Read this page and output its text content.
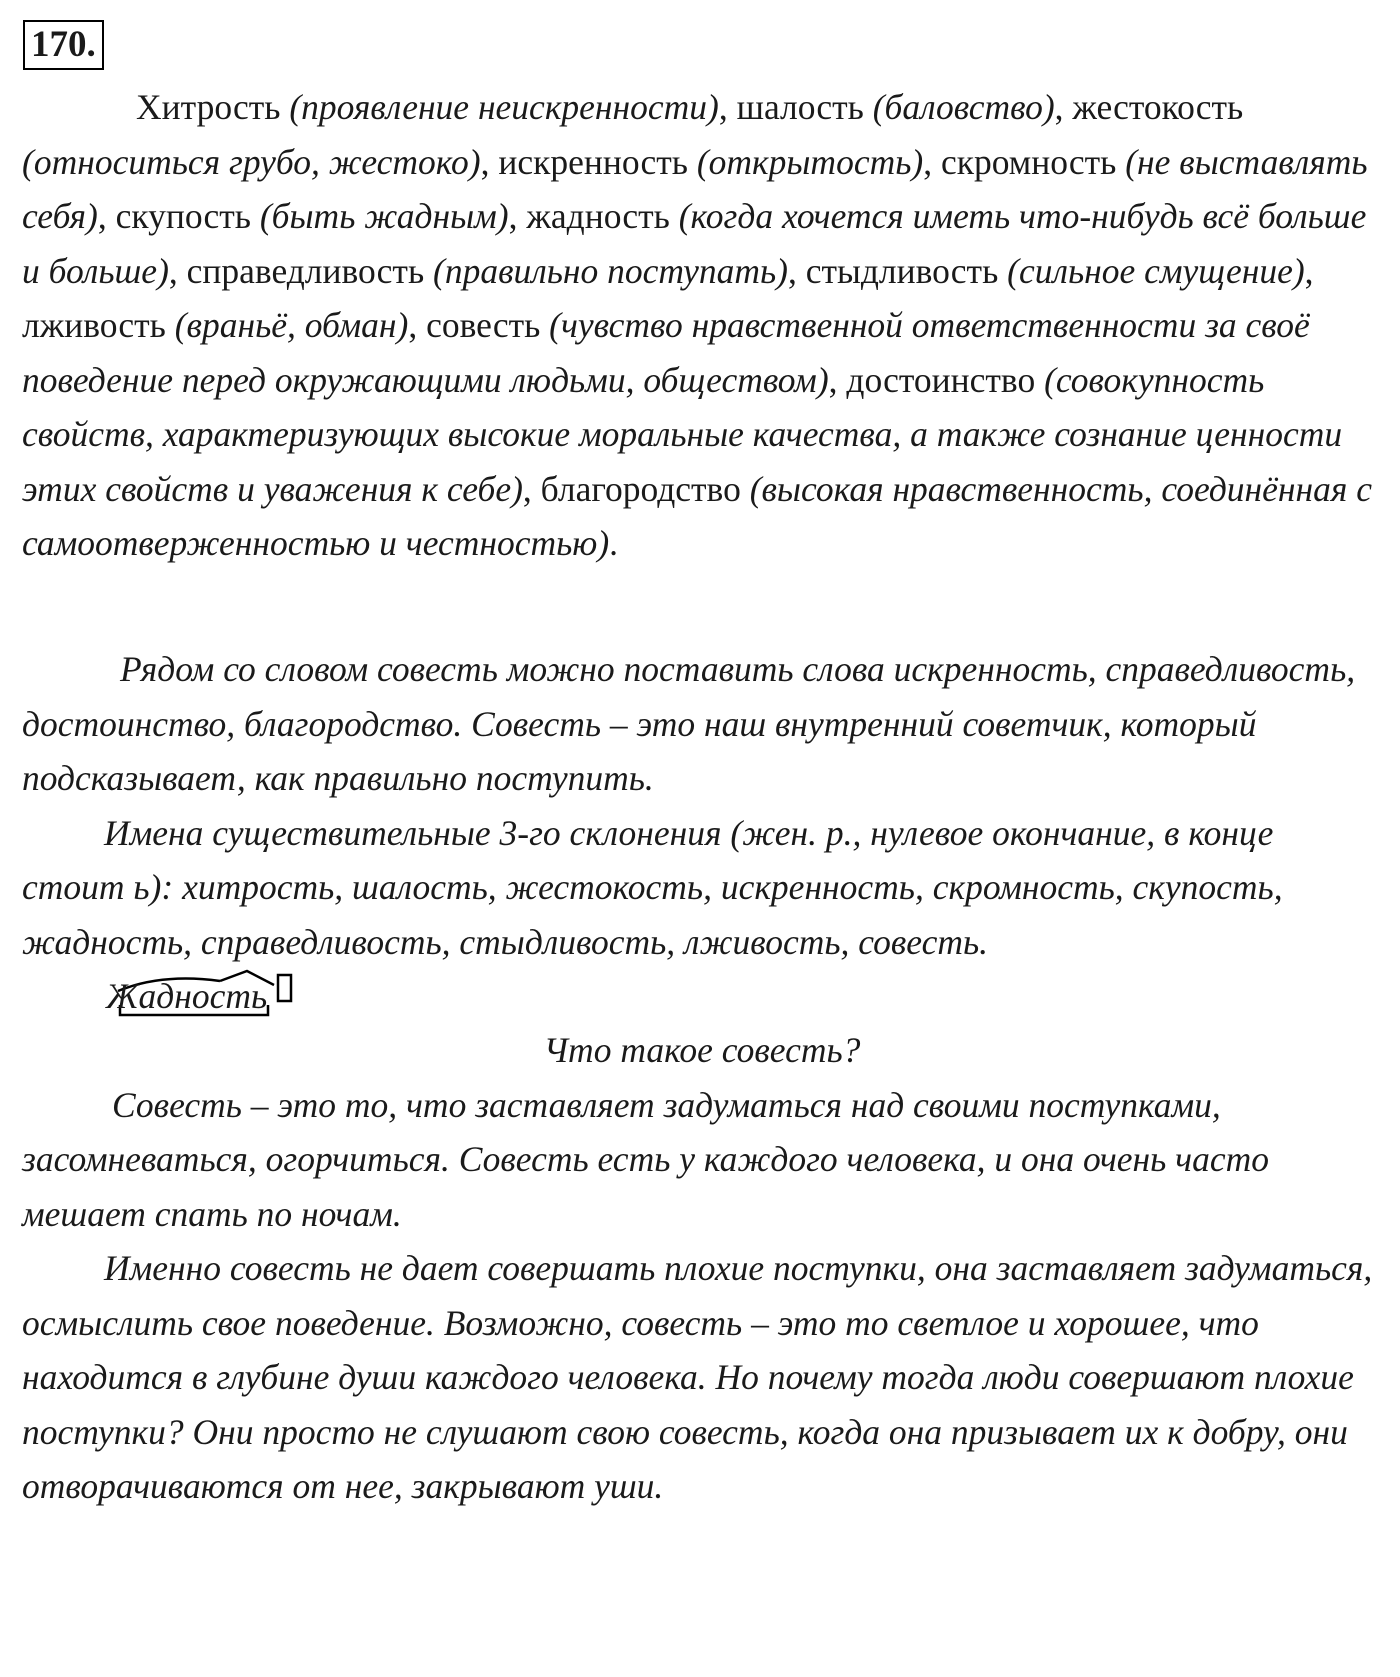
170.

Хитрость (проявление неискренности), шалость (баловство), жестокость (относиться грубо, жестоко), искренность (открытость), скромность (не выставлять себя), скупость (быть жадным), жадность (когда хочется иметь что-нибудь всё больше и больше), справедливость (правильно поступать), стыдливость (сильное смущение), лживость (враньё, обман), совесть (чувство нравственной ответственности за своё поведение перед окружающими людьми, обществом), достоинство (совокупность свойств, характеризующих высокие моральные качества, а также сознание ценности этих свойств и уважения к себе), благородство (высокая нравственность, соединённая с самоотверженностью и честностью).

Рядом со словом совесть можно поставить слова искренность, справедливость, достоинство, благородство. Совесть – это наш внутренний советчик, который подсказывает, как правильно поступить.

Имена существительные 3-го склонения (жен. р., нулевое окончание, в конце стоит ь): хитрость, шалость, жестокость, искренность, скромность, скупость, жадность, справедливость, стыдливость, лживость, совесть.

Жадность

Что такое совесть?

Совесть – это то, что заставляет задуматься над своими поступками, засомневаться, огорчиться. Совесть есть у каждого человека, и она очень часто мешает спать по ночам.

Именно совесть не дает совершать плохие поступки, она заставляет задуматься, осмыслить свое поведение. Возможно, совесть – это то светлое и хорошее, что находится в глубине души каждого человека. Но почему тогда люди совершают плохие поступки? Они просто не слушают свою совесть, когда она призывает их к добру, они отворачиваются от нее, закрывают уши.
